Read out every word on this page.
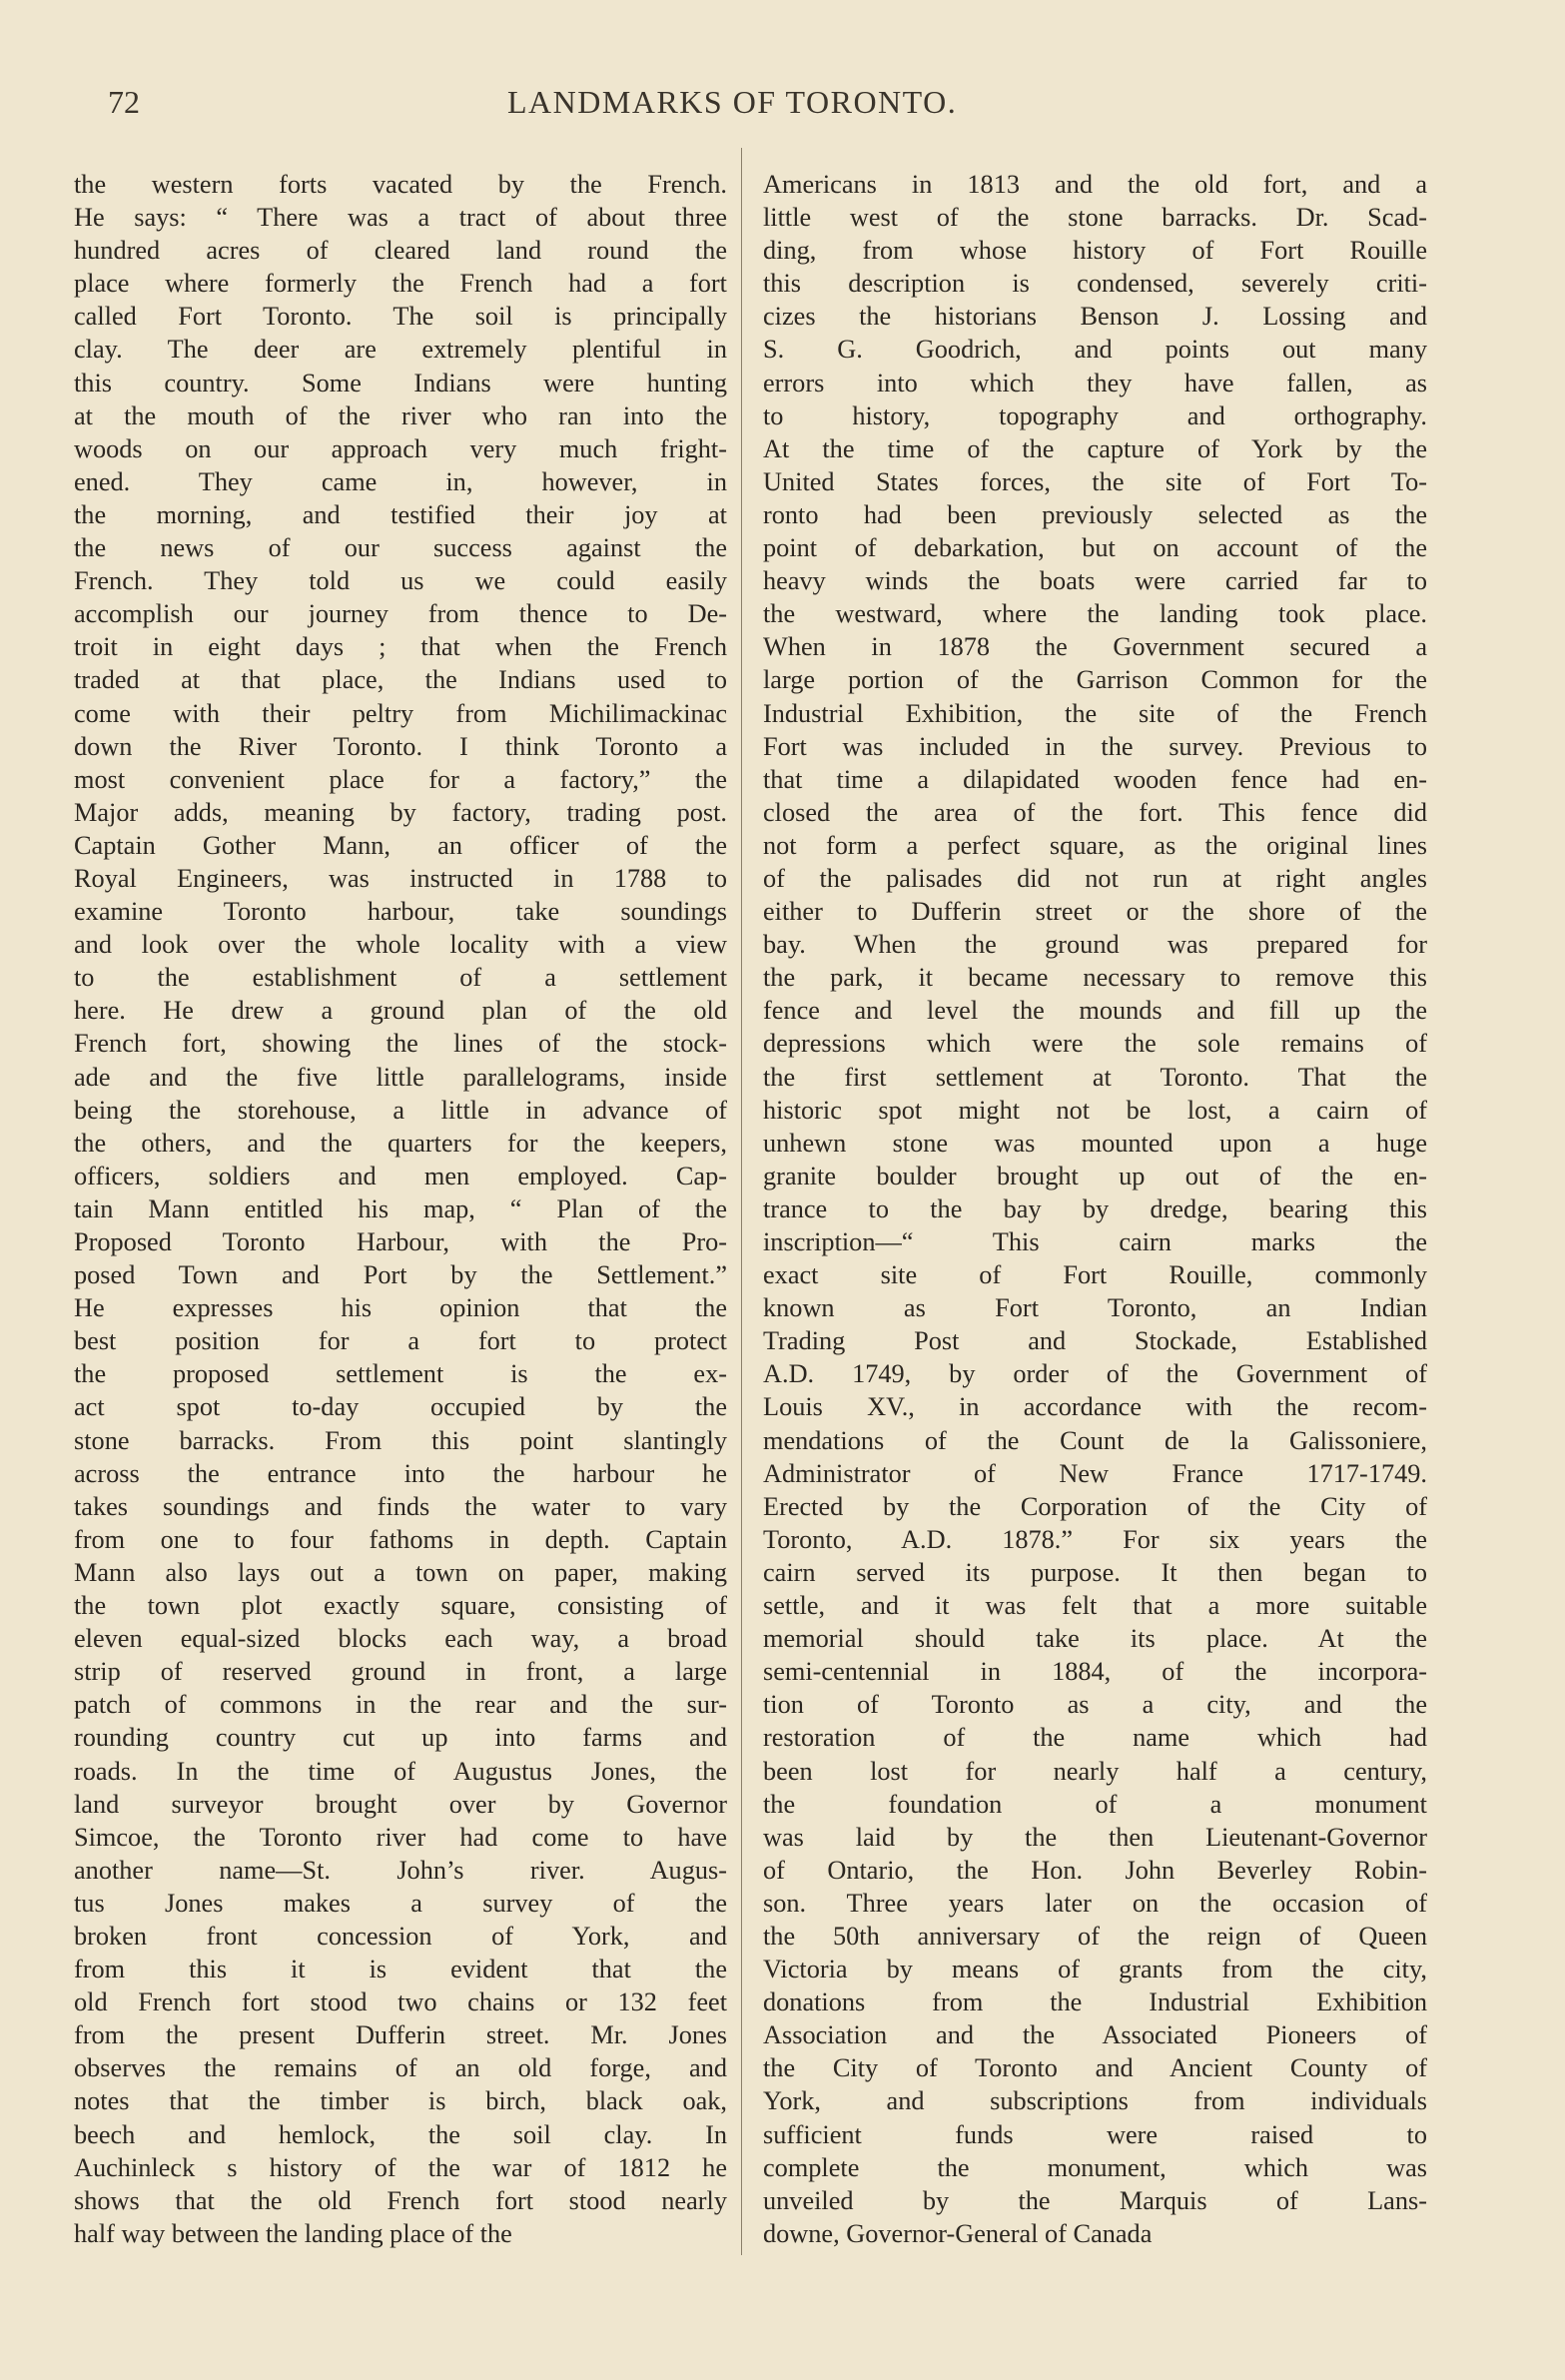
72	LANDMARKS OF TORONTO.
the western forts vacated by the French.
He says: “ There was a tract of about three
hundred acres of cleared land round the
place where formerly the French had a fort
called Fort Toronto. The soil is principally
clay. The deer are extremely plentiful in
this country. Some Indians were hunting
at the mouth of the river who ran into the
woods on our approach very much fright-
ened. They came in, however, in
the morning, and testified their joy at
the news of our success against the
French. They told us we could easily
accomplish our journey from thence to De-
troit in eight days ; that when the French
traded at that place, the Indians used to
come with their peltry from Michilimackinac
down the River Toronto. I think Toronto a
most convenient place for a factory,” the
Major adds, meaning by factory, trading post.
Captain Gother Mann, an officer of the
Royal Engineers, was instructed in 1788 to
examine Toronto harbour, take soundings
and look over the whole locality with a view
to the establishment of a settlement
here. He drew a ground plan of the old
French fort, showing the lines of the stock-
ade and the five little parallelograms, inside
being the storehouse, a little in advance of
the others, and the quarters for the keepers,
officers, soldiers and men employed. Cap-
tain Mann entitled his map, “ Plan of the
Proposed Toronto Harbour, with the Pro-
posed Town and Port by the Settlement.”
He expresses his opinion that the
best position for a fort to protect
the proposed settlement is the ex-
act spot to-day occupied by the
stone barracks. From this point slantingly
across the entrance into the harbour he
takes soundings and finds the water to vary
from one to four fathoms in depth. Captain
Mann also lays out a town on paper, making
the town plot exactly square, consisting of
eleven equal-sized blocks each way, a broad
strip of reserved ground in front, a large
patch of commons in the rear and the sur-
rounding country cut up into farms and
roads. In the time of Augustus Jones, the
land surveyor brought over by Governor
Simcoe, the Toronto river had come to have
another name—St. John’s river. Augus-
tus Jones makes a survey of the
broken front concession of York, and
from this it is evident that the
old French fort stood two chains or 132 feet
from the present Dufferin street. Mr. Jones
observes the remains of an old forge, and
notes that the timber is birch, black oak,
beech and hemlock, the soil clay. In
Auchinleck s history of the war of 1812 he
shows that the old French fort stood nearly
half way between the landing place of the
Americans in 1813 and the old fort, and a
little west of the stone barracks. Dr. Scad-
ding, from whose history of Fort Rouille
this description is condensed, severely criti-
cizes the historians Benson J. Lossing and
S. G. Goodrich, and points out many
errors into which they have fallen, as
to history, topography and orthography.
At the time of the capture of York by the
United States forces, the site of Fort To-
ronto had been previously selected as the
point of debarkation, but on account of the
heavy winds the boats were carried far to
the westward, where the landing took place.
When in 1878 the Government secured a
large portion of the Garrison Common for the
Industrial Exhibition, the site of the French
Fort was included in the survey. Previous to
that time a dilapidated wooden fence had en-
closed the area of the fort. This fence did
not form a perfect square, as the original lines
of the palisades did not run at right angles
either to Dufferin street or the shore of the
bay. When the ground was prepared for
the park, it became necessary to remove this
fence and level the mounds and fill up the
depressions which were the sole remains of
the first settlement at Toronto. That the
historic spot might not be lost, a cairn of
unhewn stone was mounted upon a huge
granite boulder brought up out of the en-
trance to the bay by dredge, bearing this
inscription—“ This cairn marks the
exact site of Fort Rouille, commonly
known as Fort Toronto, an Indian
Trading Post and Stockade, Established
A.D. 1749, by order of the Government of
Louis XV., in accordance with the recom-
mendations of the Count de la Galissoniere,
Administrator of New France 1717-1749.
Erected by the Corporation of the City of
Toronto, A.D. 1878.” For six years the
cairn served its purpose. It then began to
settle, and it was felt that a more suitable
memorial should take its place. At the
semi-centennial in 1884, of the incorpora-
tion of Toronto as a city, and the
restoration of the name which had
been lost for nearly half a century,
the foundation of a monument
was laid by the then Lieutenant-Governor
of Ontario, the Hon. John Beverley Robin-
son. Three years later on the occasion of
the 50th anniversary of the reign of Queen
Victoria by means of grants from the city,
donations from the Industrial Exhibition
Association and the Associated Pioneers of
the City of Toronto and Ancient County of
York, and subscriptions from individuals
sufficient funds were raised to
complete the monument, which was
unveiled by the Marquis of Lans-
downe, Governor-General of Canada
